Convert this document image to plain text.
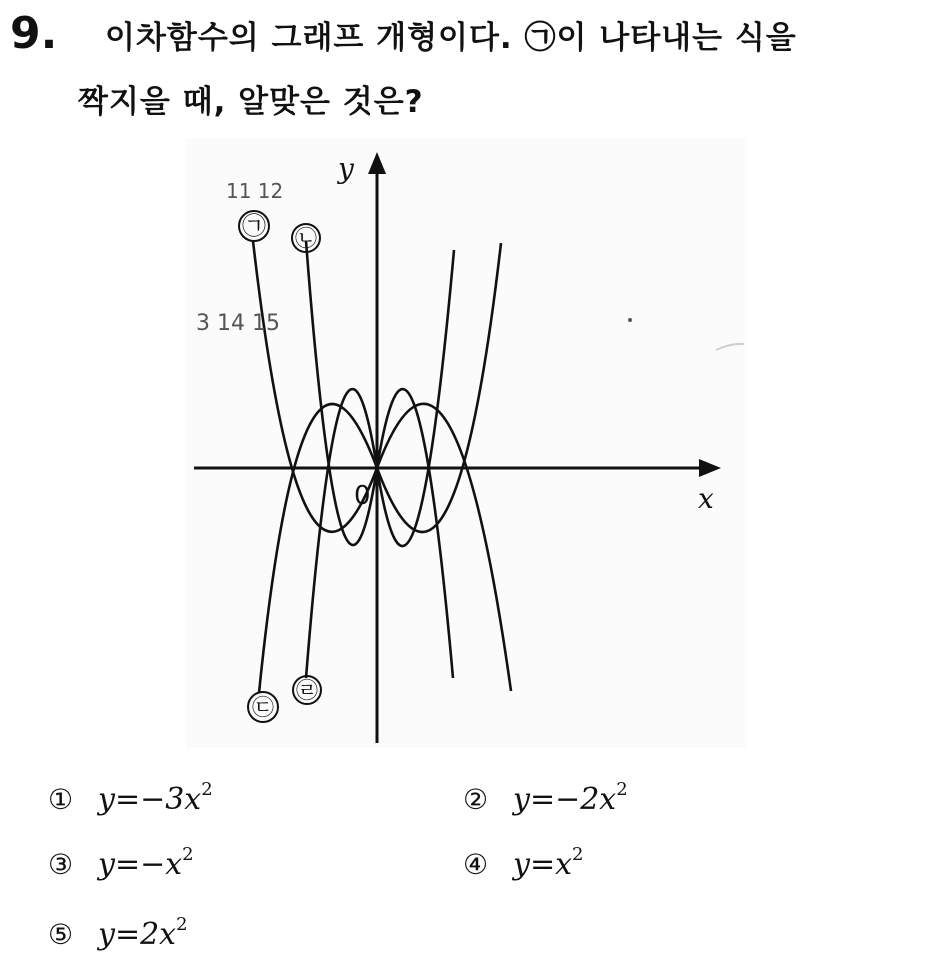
9. 이차함수의 그래프 개형이다. ㉠이 나타내는 식을
짝지을 때, 알맞은 것은?
y
x
0
㉠ ㉡
㉢
㉣
11 12
3 14 15
① $y=-3x^2$	② $y=-2x^2$
③ $y=-x^2$	④ $y=x^2$
⑤ $y=2x^2$
